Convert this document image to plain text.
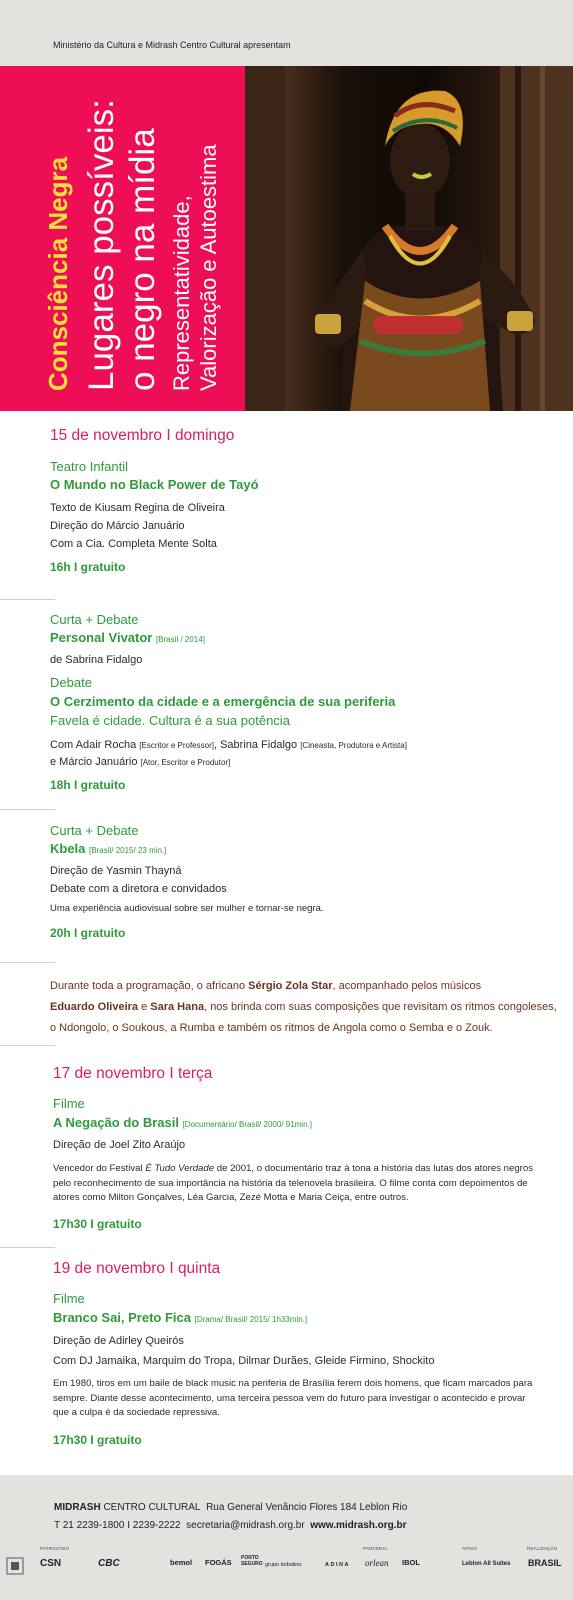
Ministério da Cultura e Midrash Centro Cultural apresentam
Consciência Negra Lugares possíveis: o negro na mídia Representatividade, Valorização e Autoestima
15 de novembro I domingo
Teatro Infantil
O Mundo no Black Power de Tayó
Texto de Kiusam Regina de Oliveira
Direção do Márcio Januário
Com a Cia. Completa Mente Solta
16h I gratuito
Curta + Debate
Personal Vivator [Brasil / 2014]
de Sabrina Fidalgo
Debate
O Cerzimento da cidade e a emergência de sua periferia
Favela é cidade. Cultura é a sua potência
Com Adair Rocha [Escritor e Professor], Sabrina Fidalgo [Cineasta, Produtora e Artista]
e Márcio Januário [Ator, Escritor e Produtor]
18h I gratuito
Curta + Debate
Kbela [Brasil/ 2015/ 23 min.]
Direção de Yasmin Thayná
Debate com a diretora e convidados
Uma experiência audiovisual sobre ser mulher e tornar-se negra.
20h I gratuito
Durante toda a programação, o africano Sérgio Zola Star, acompanhado pelos músicos
Eduardo Oliveira e Sara Hana, nos brinda com suas composições que revisitam os ritmos congoleses,
o Ndongolo, o Soukous, a Rumba e também os ritmos de Angola como o Semba e o Zouk.
17 de novembro I terça
Filme
A Negação do Brasil [Documentário/ Brasil/ 2000/ 91min.]
Direção de Joel Zito Araújo
Vencedor do Festival É Tudo Verdade de 2001, o documentário traz à tona a história das lutas dos atores negros pelo reconhecimento de sua importância na história da telenovela brasileira. O filme conta com depoimentos de atores como Milton Gonçalves, Léa Garcia, Zezé Motta e Maria Ceiça, entre outros.
17h30 I gratuito
19 de novembro I quinta
Filme
Branco Sai, Preto Fica [Drama/ Brasil/ 2015/ 1h33min.]
Direção de Adirley Queirós
Com DJ Jamaika, Marquim do Tropa, Dilmar Durães, Gleide Firmino, Shockito
Em 1980, tiros em um baile de black music na periferia de Brasília ferem dois homens, que ficam marcados para sempre. Diante desse acontecimento, uma terceira pessoa vem do futuro para investigar o acontecido e provar que a culpa é da sociedade repressiva.
17h30 I gratuito
MIDRASH CENTRO CULTURAL Rua General Venâncio Flores 184 Leblon Rio
T 21 2239-1800 I 2239-2222 secretaria@midrash.org.br www.midrash.org.br
PATROCÍNIO	PARCERIA	APOIO	REALIZAÇÃO
CSN	CBC	bemol FOGÁS PORTO SEGURO grupo bobalino	ADINA orlean IBOL	Leblon All Suites BRASIL
